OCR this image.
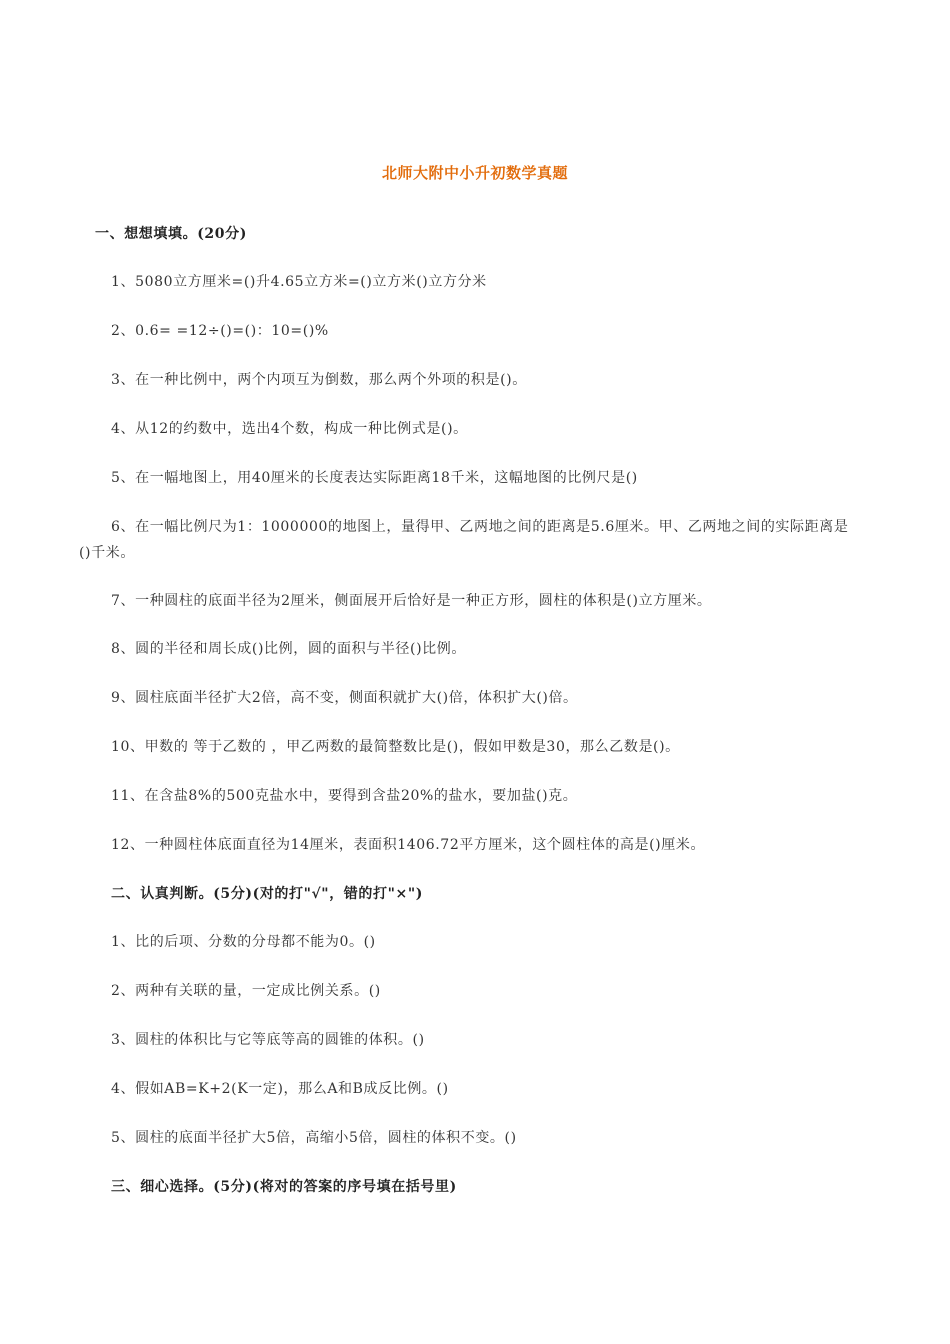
北师大附中小升初数学真题
一、想想填填。(20分)
1、5080立方厘米=()升4.65立方米=()立方米()立方分米
2、0.6= =12÷()=()：10=()%
3、在一种比例中，两个内项互为倒数，那么两个外项的积是()。
4、从12的约数中，选出4个数，构成一种比例式是()。
5、在一幅地图上，用40厘米的长度表达实际距离18千米，这幅地图的比例尺是()
6、在一幅比例尺为1：1000000的地图上，量得甲、乙两地之间的距离是5.6厘米。甲、乙两地之间的实际距离是()千米。
7、一种圆柱的底面半径为2厘米，侧面展开后恰好是一种正方形，圆柱的体积是()立方厘米。
8、圆的半径和周长成()比例，圆的面积与半径()比例。
9、圆柱底面半径扩大2倍，高不变，侧面积就扩大()倍，体积扩大()倍。
10、甲数的 等于乙数的 ，甲乙两数的最简整数比是()，假如甲数是30，那么乙数是()。
11、在含盐8%的500克盐水中，要得到含盐20%的盐水，要加盐()克。
12、一种圆柱体底面直径为14厘米，表面积1406.72平方厘米，这个圆柱体的高是()厘米。
二、认真判断。(5分)(对的打"√"，错的打"×")
1、比的后项、分数的分母都不能为0。()
2、两种有关联的量，一定成比例关系。()
3、圆柱的体积比与它等底等高的圆锥的体积。()
4、假如AB=K+2(K一定)，那么A和B成反比例。()
5、圆柱的底面半径扩大5倍，高缩小5倍，圆柱的体积不变。()
三、细心选择。(5分)(将对的答案的序号填在括号里)
